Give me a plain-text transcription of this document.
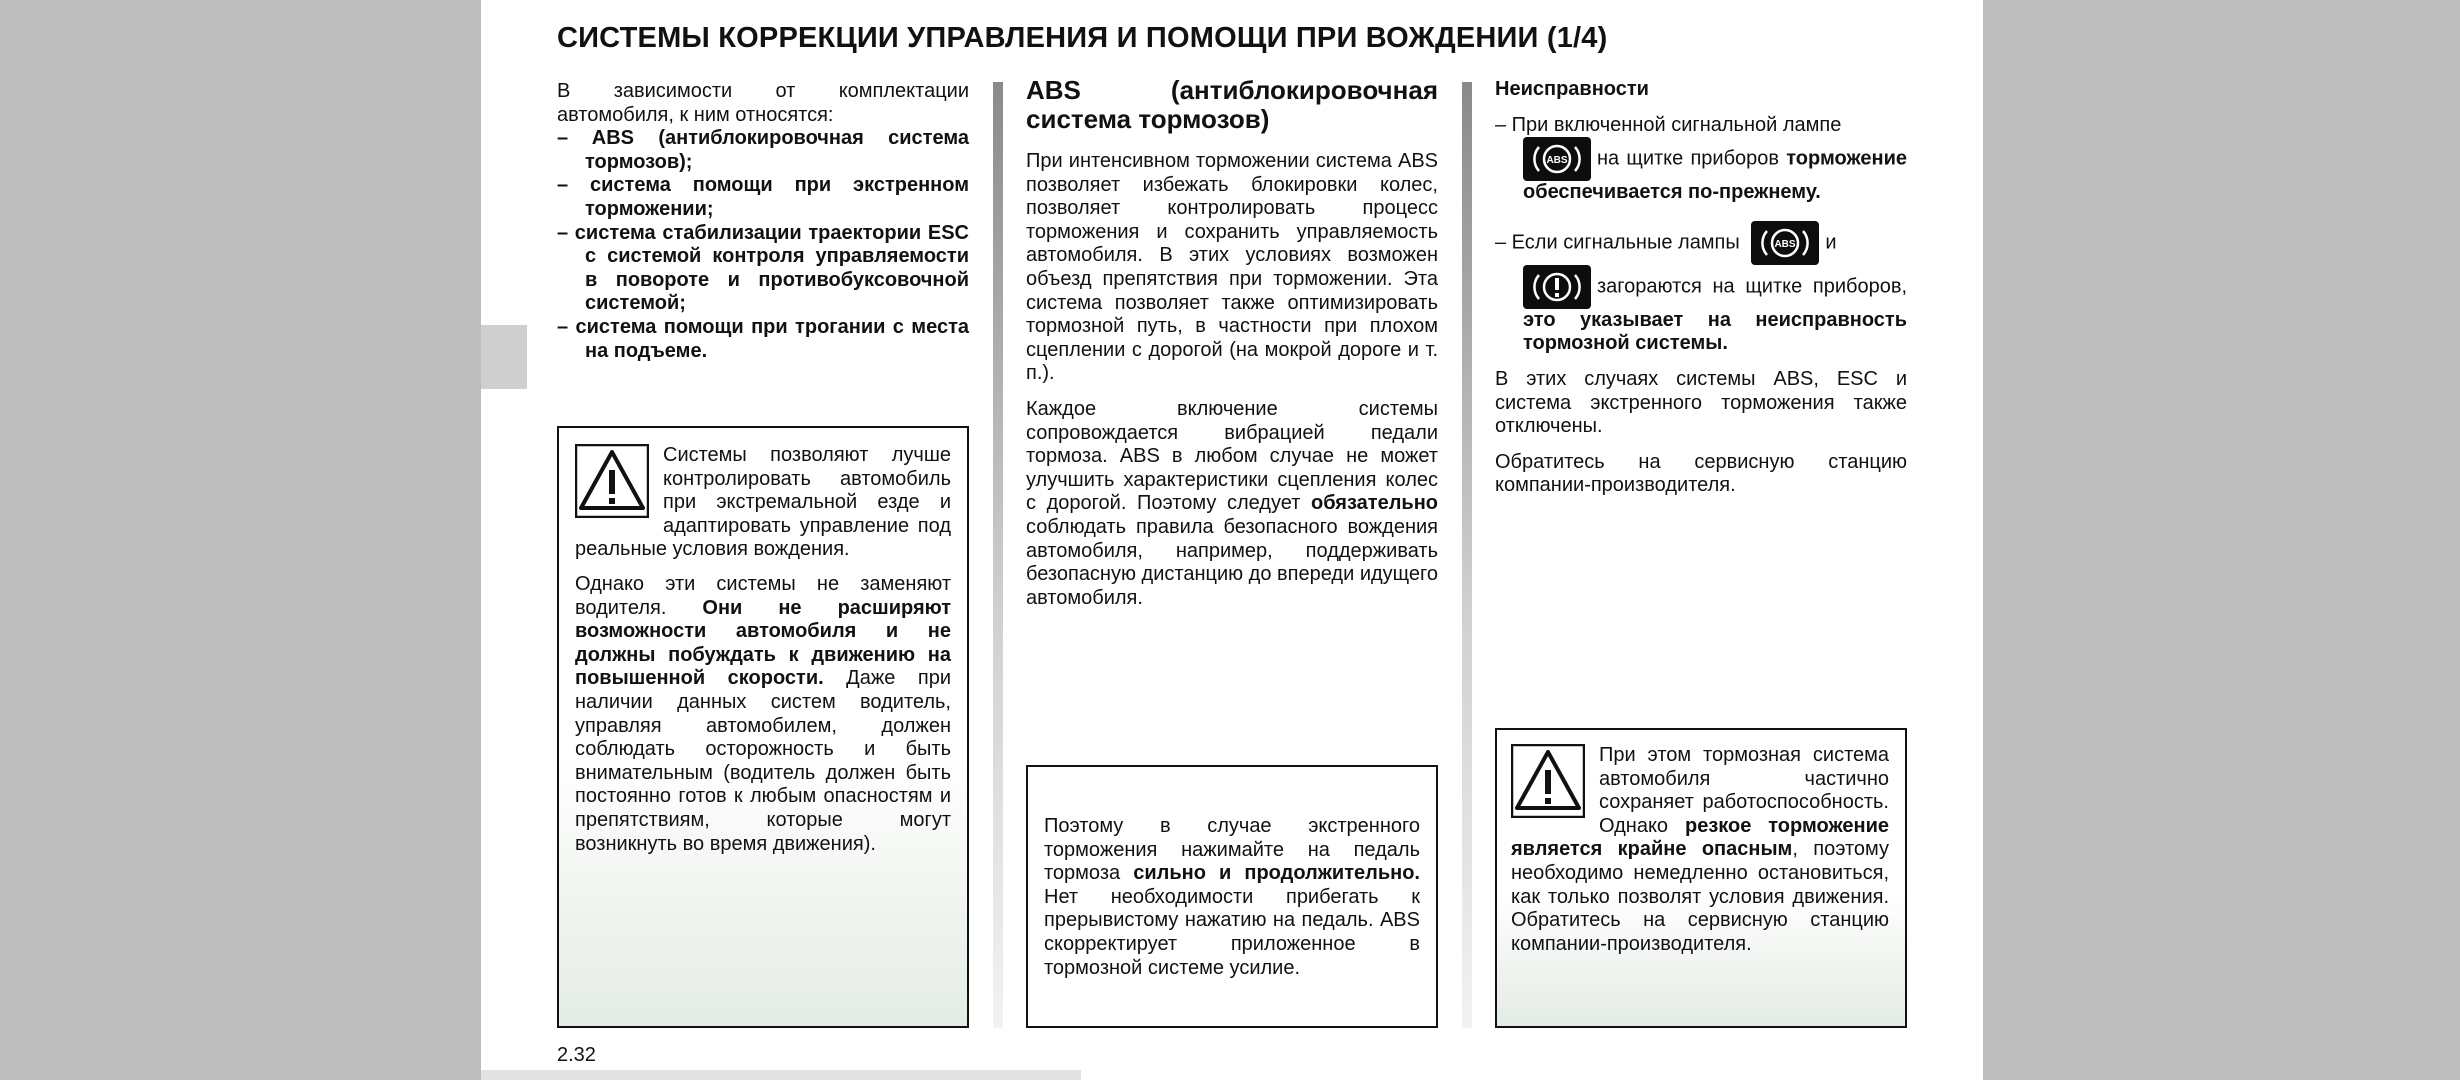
СИСТЕМЫ КОРРЕКЦИИ УПРАВЛЕНИЯ И ПОМОЩИ ПРИ ВОЖДЕНИИ (1/4)

В зависимости от комплектации автомобиля, к ним относятся:

– ABS (антиблокировочная система тормозов);

– система помощи при экстренном торможении;

– система стабилизации траектории ESC с системой контроля управляемости в повороте и противобуксовочной системой;

– система помощи при трогании с места на подъеме.

Системы позволяют лучше контролировать автомобиль при экстремальной езде и адаптировать управление под реальные условия вождения.

Однако эти системы не заменяют водителя. Они не расширяют возможности автомобиля и не должны побуждать к движению на повышенной скорости. Даже при наличии данных систем водитель, управляя автомобилем, должен соблюдать осторожность и быть внимательным (водитель должен быть постоянно готов к любым опасностям и препятствиям, которые могут возникнуть во время движения).

ABS (антиблокировочная система тормозов)

При интенсивном торможении система ABS позволяет избежать блокировки колес, позволяет контролировать процесс торможения и сохранить управляемость автомобиля. В этих условиях возможен объезд препятствия при торможении. Эта система позволяет также оптимизировать тормозной путь, в частности при плохом сцеплении с дорогой (на мокрой дороге и т. п.).

Каждое включение системы сопровождается вибрацией педали тормоза. ABS в любом случае не может улучшить характеристики сцепления колес с дорогой. Поэтому следует обязательно соблюдать правила безопасного вождения автомобиля, например, поддерживать безопасную дистанцию до впереди идущего автомобиля.

Поэтому в случае экстренного торможения нажимайте на педаль тормоза сильно и продолжительно. Нет необходимости прибегать к прерывистому нажатию на педаль. ABS скорректирует приложенное в тормозной системе усилие.

Неисправности

– При включенной сигнальной лампе

ABS на щитке приборов торможение обеспечивается по-прежнему.

– Если сигнальные лампы	ABS и

загораются на щитке приборов, это указывает на неисправность тормозной системы.

В этих случаях системы ABS, ESC и система экстренного торможения также отключены.

Обратитесь на сервисную станцию компании-производителя.

При этом тормозная система автомобиля частично сохраняет работоспособность. Однако резкое торможение является крайне опасным, поэтому необходимо немедленно остановиться, как только позволят условия движения. Обратитесь на сервисную станцию компании-производителя.

2.32
